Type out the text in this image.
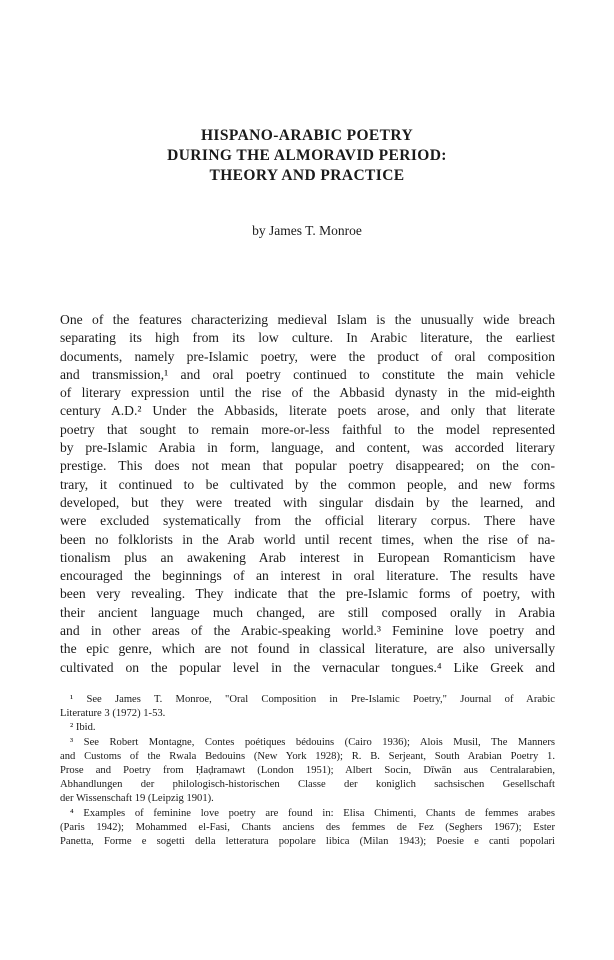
HISPANO-ARABIC POETRY
DURING THE ALMORAVID PERIOD:
THEORY AND PRACTICE
by James T. Monroe
One of the features characterizing medieval Islam is the unusually wide breach
separating its high from its low culture. In Arabic literature, the earliest
documents, namely pre-Islamic poetry, were the product of oral composition
and transmission,¹ and oral poetry continued to constitute the main vehicle
of literary expression until the rise of the Abbasid dynasty in the mid-eighth
century A.D.² Under the Abbasids, literate poets arose, and only that literate
poetry that sought to remain more-or-less faithful to the model represented
by pre-Islamic Arabia in form, language, and content, was accorded literary
prestige. This does not mean that popular poetry disappeared; on the con-
trary, it continued to be cultivated by the common people, and new forms
developed, but they were treated with singular disdain by the learned, and
were excluded systematically from the official literary corpus. There have
been no folklorists in the Arab world until recent times, when the rise of na-
tionalism plus an awakening Arab interest in European Romanticism have
encouraged the beginnings of an interest in oral literature. The results have
been very revealing. They indicate that the pre-Islamic forms of poetry, with
their ancient language much changed, are still composed orally in Arabia
and in other areas of the Arabic-speaking world.³ Feminine love poetry and
the epic genre, which are not found in classical literature, are also universally
cultivated on the popular level in the vernacular tongues.⁴ Like Greek and
¹ See James T. Monroe, "Oral Composition in Pre-Islamic Poetry," Journal of Arabic
Literature 3 (1972) 1-53.
² Ibid.
³ See Robert Montagne, Contes poétiques bédouins (Cairo 1936); Alois Musil, The Manners
and Customs of the Rwala Bedouins (New York 1928); R. B. Serjeant, South Arabian Poetry 1.
Prose and Poetry from Ḥaḍramawt (London 1951); Albert Socin, Dīwān aus Centralarabien,
Abhandlungen der philologisch-historischen Classe der koniglich sachsischen Gesellschaft
der Wissenschaft 19 (Leipzig 1901).
⁴ Examples of feminine love poetry are found in: Elisa Chimenti, Chants de femmes arabes
(Paris 1942); Mohammed el-Fasi, Chants anciens des femmes de Fez (Seghers 1967); Ester
Panetta, Forme e sogetti della letteratura popolare libica (Milan 1943); Poesie e canti popolari
